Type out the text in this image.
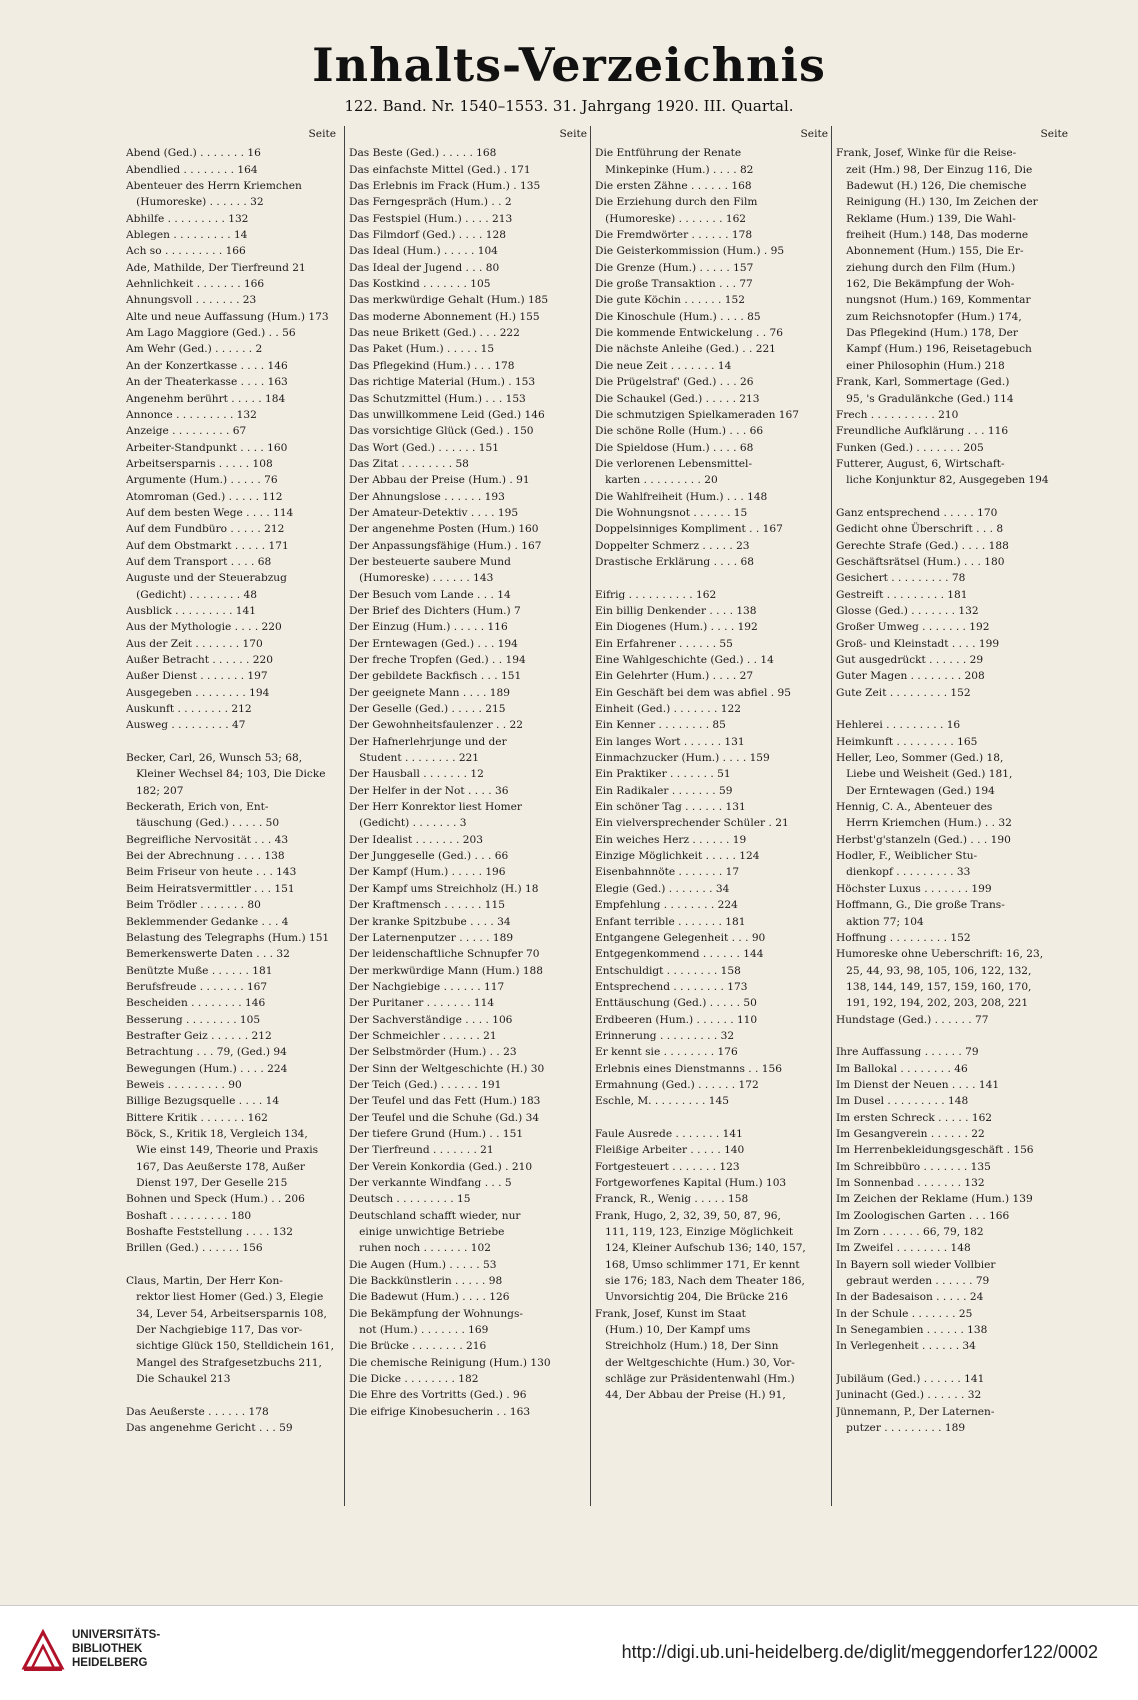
Inhalts-Verzeichnis
122. Band. Nr. 1540–1553. 31. Jahrgang 1920. III. Quartal.
Seite
Abend (Ged.) . . . . . . . 16
Abendlied . . . . . . . . 164
Abenteuer des Herrn Kriemchen
(Humoreske) . . . . . . 32
Abhilfe . . . . . . . . . 132
Ablegen . . . . . . . . . 14
Ach so . . . . . . . . . 166
Ade, Mathilde, Der Tierfreund 21
Aehnlichkeit . . . . . . . 166
Ahnungsvoll . . . . . . . 23
Alte und neue Auffassung (Hum.) 173
Am Lago Maggiore (Ged.) . . 56
Am Wehr (Ged.) . . . . . . 2
An der Konzertkasse . . . . 146
An der Theaterkasse . . . . 163
Angenehm berührt . . . . . 184
Annonce . . . . . . . . . 132
Anzeige . . . . . . . . . 67
Arbeiter-Standpunkt . . . . 160
Arbeitsersparnis . . . . . 108
Argumente (Hum.) . . . . . 76
Atomroman (Ged.) . . . . . 112
Auf dem besten Wege . . . . 114
Auf dem Fundbüro . . . . . 212
Auf dem Obstmarkt . . . . . 171
Auf dem Transport . . . . 68
Auguste und der Steuerabzug
(Gedicht) . . . . . . . . 48
Ausblick . . . . . . . . . 141
Aus der Mythologie . . . . 220
Aus der Zeit . . . . . . . 170
Außer Betracht . . . . . . 220
Außer Dienst . . . . . . . 197
Ausgegeben . . . . . . . . 194
Auskunft . . . . . . . . 212
Ausweg . . . . . . . . . 47

Becker, Carl, 26, Wunsch 53; 68,
Kleiner Wechsel 84; 103, Die Dicke
182; 207
Beckerath, Erich von, Ent-
täuschung (Ged.) . . . . . 50
Begreifliche Nervosität . . . 43
Bei der Abrechnung . . . . 138
Beim Friseur von heute . . . 143
Beim Heiratsvermittler . . . 151
Beim Trödler . . . . . . . 80
Beklemmender Gedanke . . . 4
Belastung des Telegraphs (Hum.) 151
Bemerkenswerte Daten . . . 32
Benützte Muße . . . . . . 181
Berufsfreude . . . . . . . 167
Bescheiden . . . . . . . . 146
Besserung . . . . . . . . 105
Bestrafter Geiz . . . . . . 212
Betrachtung . . . 79, (Ged.) 94
Bewegungen (Hum.) . . . . 224
Beweis . . . . . . . . . 90
Billige Bezugsquelle . . . . 14
Bittere Kritik . . . . . . . 162
Böck, S., Kritik 18, Vergleich 134,
Wie einst 149, Theorie und Praxis
167, Das Aeußerste 178, Außer
Dienst 197, Der Geselle 215
Bohnen und Speck (Hum.) . . 206
Boshaft . . . . . . . . . 180
Boshafte Feststellung . . . . 132
Brillen (Ged.) . . . . . . 156

Claus, Martin, Der Herr Kon-
rektor liest Homer (Ged.) 3, Elegie
34, Lever 54, Arbeitsersparnis 108,
Der Nachgiebige 117, Das vor-
sichtige Glück 150, Stelldichein 161,
Mangel des Strafgesetzbuchs 211,
Die Schaukel 213

Das Aeußerste . . . . . . 178
Das angenehme Gericht . . . 59
Seite
Das Beste (Ged.) . . . . . 168
Das einfachste Mittel (Ged.) . 171
Das Erlebnis im Frack (Hum.) . 135
Das Ferngespräch (Hum.) . . 2
Das Festspiel (Hum.) . . . . 213
Das Filmdorf (Ged.) . . . . 128
Das Ideal (Hum.) . . . . . 104
Das Ideal der Jugend . . . 80
Das Kostkind . . . . . . . 105
Das merkwürdige Gehalt (Hum.) 185
Das moderne Abonnement (H.) 155
Das neue Brikett (Ged.) . . . 222
Das Paket (Hum.) . . . . . 15
Das Pflegekind (Hum.) . . . 178
Das richtige Material (Hum.) . 153
Das Schutzmittel (Hum.) . . . 153
Das unwillkommene Leid (Ged.) 146
Das vorsichtige Glück (Ged.) . 150
Das Wort (Ged.) . . . . . . 151
Das Zitat . . . . . . . . 58
Der Abbau der Preise (Hum.) . 91
Der Ahnungslose . . . . . . 193
Der Amateur-Detektiv . . . . 195
Der angenehme Posten (Hum.) 160
Der Anpassungsfähige (Hum.) . 167
Der besteuerte saubere Mund
(Humoreske) . . . . . . 143
Der Besuch vom Lande . . . 14
Der Brief des Dichters (Hum.) 7
Der Einzug (Hum.) . . . . . 116
Der Erntewagen (Ged.) . . . 194
Der freche Tropfen (Ged.) . . 194
Der gebildete Backfisch . . . 151
Der geeignete Mann . . . . 189
Der Geselle (Ged.) . . . . . 215
Der Gewohnheitsfaulenzer . . 22
Der Hafnerlehrjunge und der
Student . . . . . . . . 221
Der Hausball . . . . . . . 12
Der Helfer in der Not . . . . 36
Der Herr Konrektor liest Homer
(Gedicht) . . . . . . . 3
Der Idealist . . . . . . . 203
Der Junggeselle (Ged.) . . . 66
Der Kampf (Hum.) . . . . . 196
Der Kampf ums Streichholz (H.) 18
Der Kraftmensch . . . . . . 115
Der kranke Spitzbube . . . . 34
Der Laternenputzer . . . . . 189
Der leidenschaftliche Schnupfer 70
Der merkwürdige Mann (Hum.) 188
Der Nachgiebige . . . . . . 117
Der Puritaner . . . . . . . 114
Der Sachverständige . . . . 106
Der Schmeichler . . . . . . 21
Der Selbstmörder (Hum.) . . 23
Der Sinn der Weltgeschichte (H.) 30
Der Teich (Ged.) . . . . . . 191
Der Teufel und das Fett (Hum.) 183
Der Teufel und die Schuhe (Gd.) 34
Der tiefere Grund (Hum.) . . 151
Der Tierfreund . . . . . . . 21
Der Verein Konkordia (Ged.) . 210
Der verkannte Windfang . . . 5
Deutsch . . . . . . . . . 15
Deutschland schafft wieder, nur
einige unwichtige Betriebe
ruhen noch . . . . . . . 102
Die Augen (Hum.) . . . . . 53
Die Backkünstlerin . . . . . 98
Die Badewut (Hum.) . . . . 126
Die Bekämpfung der Wohnungs-
not (Hum.) . . . . . . . 169
Die Brücke . . . . . . . . 216
Die chemische Reinigung (Hum.) 130
Die Dicke . . . . . . . . 182
Die Ehre des Vortritts (Ged.) . 96
Die eifrige Kinobesucherin . . 163
Seite
Die Entführung der Renate
Minkepinke (Hum.) . . . . 82
Die ersten Zähne . . . . . . 168
Die Erziehung durch den Film
(Humoreske) . . . . . . . 162
Die Fremdwörter . . . . . . 178
Die Geisterkommission (Hum.) . 95
Die Grenze (Hum.) . . . . . 157
Die große Transaktion . . . 77
Die gute Köchin . . . . . . 152
Die Kinoschule (Hum.) . . . . 85
Die kommende Entwickelung . . 76
Die nächste Anleihe (Ged.) . . 221
Die neue Zeit . . . . . . . 14
Die Prügelstraf' (Ged.) . . . 26
Die Schaukel (Ged.) . . . . . 213
Die schmutzigen Spielkameraden 167
Die schöne Rolle (Hum.) . . . 66
Die Spieldose (Hum.) . . . . 68
Die verlorenen Lebensmittel-
karten . . . . . . . . . 20
Die Wahlfreiheit (Hum.) . . . 148
Die Wohnungsnot . . . . . . 15
Doppelsinniges Kompliment . . 167
Doppelter Schmerz . . . . . 23
Drastische Erklärung . . . . 68

Eifrig . . . . . . . . . . 162
Ein billig Denkender . . . . 138
Ein Diogenes (Hum.) . . . . 192
Ein Erfahrener . . . . . . 55
Eine Wahlgeschichte (Ged.) . . 14
Ein Gelehrter (Hum.) . . . . 27
Ein Geschäft bei dem was abfiel . 95
Einheit (Ged.) . . . . . . . 122
Ein Kenner . . . . . . . . 85
Ein langes Wort . . . . . . 131
Einmachzucker (Hum.) . . . . 159
Ein Praktiker . . . . . . . 51
Ein Radikaler . . . . . . . 59
Ein schöner Tag . . . . . . 131
Ein vielversprechender Schüler . 21
Ein weiches Herz . . . . . . 19
Einzige Möglichkeit . . . . . 124
Eisenbahnnöte . . . . . . . 17
Elegie (Ged.) . . . . . . . 34
Empfehlung . . . . . . . . 224
Enfant terrible . . . . . . . 181
Entgangene Gelegenheit . . . 90
Entgegenkommend . . . . . . 144
Entschuldigt . . . . . . . . 158
Entsprechend . . . . . . . . 173
Enttäuschung (Ged.) . . . . . 50
Erdbeeren (Hum.) . . . . . . 110
Erinnerung . . . . . . . . . 32
Er kennt sie . . . . . . . . 176
Erlebnis eines Dienstmanns . . 156
Ermahnung (Ged.) . . . . . . 172
Eschle, M. . . . . . . . . 145

Faule Ausrede . . . . . . . 141
Fleißige Arbeiter . . . . . 140
Fortgesteuert . . . . . . . 123
Fortgeworfenes Kapital (Hum.) 103
Franck, R., Wenig . . . . . 158
Frank, Hugo, 2, 32, 39, 50, 87, 96,
111, 119, 123, Einzige Möglichkeit
124, Kleiner Aufschub 136; 140, 157,
168, Umso schlimmer 171, Er kennt
sie 176; 183, Nach dem Theater 186,
Unvorsichtig 204, Die Brücke 216
Frank, Josef, Kunst im Staat
(Hum.) 10, Der Kampf ums
Streichholz (Hum.) 18, Der Sinn
der Weltgeschichte (Hum.) 30, Vor-
schläge zur Präsidentenwahl (Hm.)
44, Der Abbau der Preise (H.) 91,
Seite
Frank, Josef, Winke für die Reise-
zeit (Hm.) 98, Der Einzug 116, Die
Badewut (H.) 126, Die chemische
Reinigung (H.) 130, Im Zeichen der
Reklame (Hum.) 139, Die Wahl-
freiheit (Hum.) 148, Das moderne
Abonnement (Hum.) 155, Die Er-
ziehung durch den Film (Hum.)
162, Die Bekämpfung der Woh-
nungsnot (Hum.) 169, Kommentar
zum Reichsnotopfer (Hum.) 174,
Das Pflegekind (Hum.) 178, Der
Kampf (Hum.) 196, Reisetagebuch
einer Philosophin (Hum.) 218
Frank, Karl, Sommertage (Ged.)
95, 's Gradulänkche (Ged.) 114
Frech . . . . . . . . . . 210
Freundliche Aufklärung . . . 116
Funken (Ged.) . . . . . . . 205
Futterer, August, 6, Wirtschaft-
liche Konjunktur 82, Ausgegeben 194

Ganz entsprechend . . . . . 170
Gedicht ohne Überschrift . . . 8
Gerechte Strafe (Ged.) . . . . 188
Geschäftsrätsel (Hum.) . . . 180
Gesichert . . . . . . . . . 78
Gestreift . . . . . . . . . 181
Glosse (Ged.) . . . . . . . 132
Großer Umweg . . . . . . . 192
Groß- und Kleinstadt . . . . 199
Gut ausgedrückt . . . . . . 29
Guter Magen . . . . . . . . 208
Gute Zeit . . . . . . . . . 152

Hehlerei . . . . . . . . . 16
Heimkunft . . . . . . . . . 165
Heller, Leo, Sommer (Ged.) 18,
Liebe und Weisheit (Ged.) 181,
Der Erntewagen (Ged.) 194
Hennig, C. A., Abenteuer des
Herrn Kriemchen (Hum.) . . 32
Herbst'g'stanzeln (Ged.) . . . 190
Hodler, F., Weiblicher Stu-
dienkopf . . . . . . . . . 33
Höchster Luxus . . . . . . . 199
Hoffmann, G., Die große Trans-
aktion 77; 104
Hoffnung . . . . . . . . . 152
Humoreske ohne Ueberschrift: 16, 23,
25, 44, 93, 98, 105, 106, 122, 132,
138, 144, 149, 157, 159, 160, 170,
191, 192, 194, 202, 203, 208, 221
Hundstage (Ged.) . . . . . . 77

Ihre Auffassung . . . . . . 79
Im Ballokal . . . . . . . . 46
Im Dienst der Neuen . . . . 141
Im Dusel . . . . . . . . . 148
Im ersten Schreck . . . . . 162
Im Gesangverein . . . . . . 22
Im Herrenbekleidungsgeschäft . 156
Im Schreibbüro . . . . . . . 135
Im Sonnenbad . . . . . . . 132
Im Zeichen der Reklame (Hum.) 139
Im Zoologischen Garten . . . 166
Im Zorn . . . . . . 66, 79, 182
Im Zweifel . . . . . . . . 148
In Bayern soll wieder Vollbier
gebraut werden . . . . . . 79
In der Badesaison . . . . . 24
In der Schule . . . . . . . 25
In Senegambien . . . . . . 138
In Verlegenheit . . . . . . 34

Jubiläum (Ged.) . . . . . . 141
Juninacht (Ged.) . . . . . . 32
Jünnemann, P., Der Laternen-
putzer . . . . . . . . . 189
UNIVERSITÄTS-
BIBLIOTHEK
HEIDELBERG
http://digi.ub.uni-heidelberg.de/diglit/meggendorfer122/0002
